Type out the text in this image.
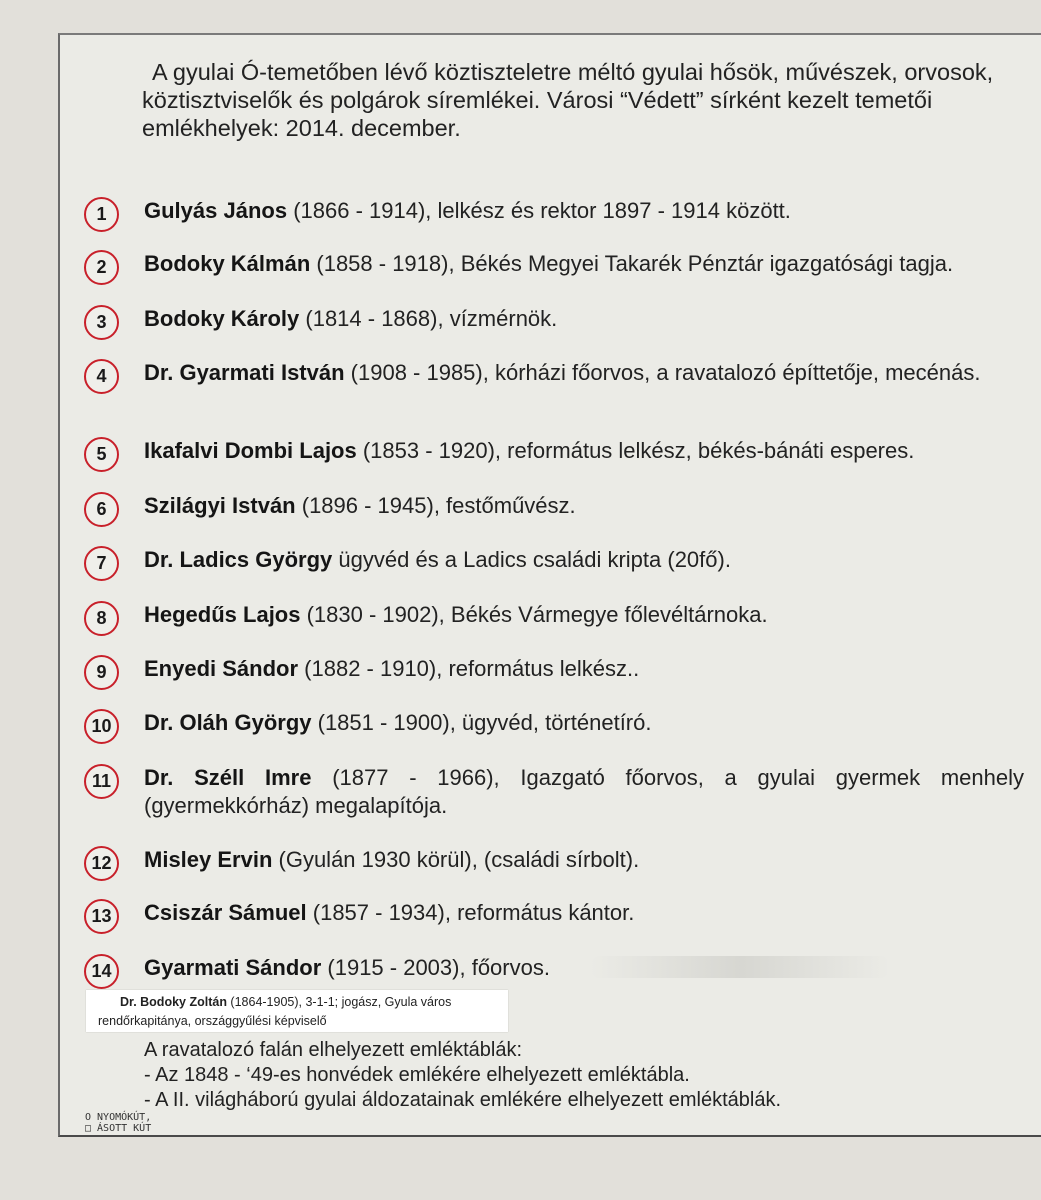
A gyulai Ó-temetőben lévő köztiszteletre méltó gyulai hősök, művészek, orvosok, köztisztviselők és polgárok síremlékei. Városi “Védett” sírként kezelt temetői emlékhelyek: 2014. december.

1	Gulyás János (1866 - 1914), lelkész és rektor 1897 - 1914 között.

2	Bodoky Kálmán (1858 - 1918), Békés Megyei Takarék Pénztár igazgatósági tagja.

3	Bodoky Károly (1814 - 1868), vízmérnök.

4	Dr. Gyarmati István (1908 - 1985), kórházi főorvos, a ravatalozó építtetője, mecénás.

5	Ikafalvi Dombi Lajos (1853 - 1920), református lelkész, békés-bánáti esperes.

6	Szilágyi István (1896 - 1945), festőművész.

7	Dr. Ladics György ügyvéd és a Ladics családi kripta (20fő).

8	Hegedűs Lajos (1830 - 1902), Békés Vármegye főlevéltárnoka.

9	Enyedi Sándor (1882 - 1910), református lelkész..

10	Dr. Oláh György (1851 - 1900), ügyvéd, történetíró.

11	Dr. Széll Imre (1877 - 1966), Igazgató főorvos, a gyulai gyermek menhely (gyermekkórház) megalapítója.

12	Misley Ervin (Gyulán 1930 körül), (családi sírbolt).

13	Csiszár Sámuel (1857 - 1934), református kántor.

14	Gyarmati Sándor (1915 - 2003), főorvos.

Dr. Bodoky Zoltán (1864-1905), 3-1-1; jogász, Gyula város rendőrkapitánya, országgyűlési képviselő
A ravatalozó falán elhelyezett emléktáblák:
- Az 1848 - ‘49-es honvédek emlékére elhelyezett emléktábla.
- A II. világháború gyulai áldozatainak emlékére elhelyezett emléktáblák.
O NYOMÓKÚT,
□ ÁSOTT KÚT
